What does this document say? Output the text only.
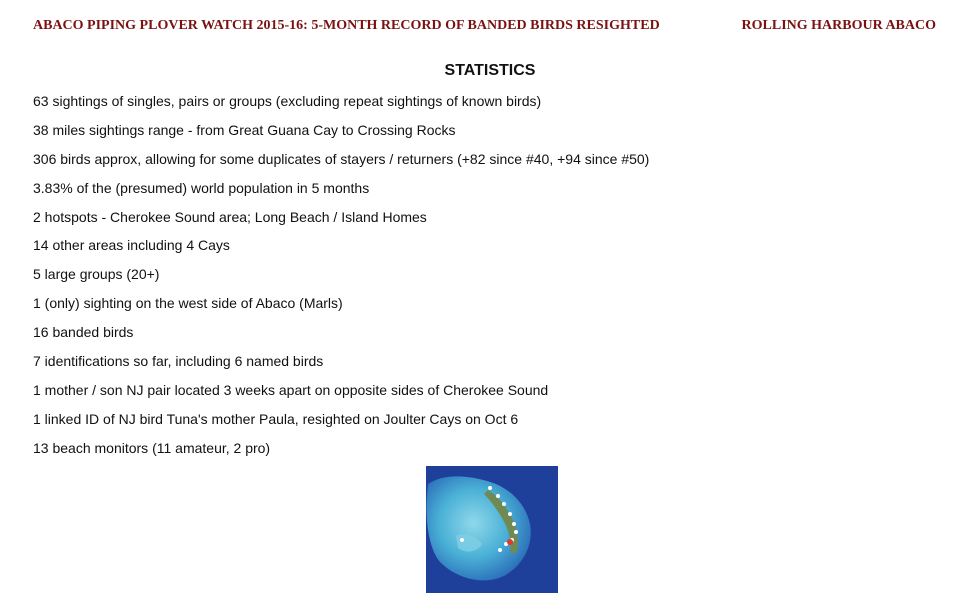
ABACO PIPING PLOVER WATCH 2015-16: 5-MONTH RECORD OF BANDED BIRDS RESIGHTED	ROLLING HARBOUR ABACO
STATISTICS
63 sightings of singles, pairs or groups (excluding repeat sightings of known birds)
38 miles sightings range - from Great Guana Cay to Crossing Rocks
306 birds approx, allowing for some duplicates of stayers / returners (+82 since #40, +94 since #50)
3.83% of the (presumed) world population in 5 months
2 hotspots - Cherokee Sound area; Long Beach / Island Homes
14 other areas including 4 Cays
5 large groups (20+)
1 (only) sighting on the west side of Abaco (Marls)
16 banded birds
7 identifications so far, including 6 named birds
1 mother / son NJ pair located 3 weeks apart on opposite sides of Cherokee Sound
1 linked ID of NJ bird Tuna's mother Paula, resighted on Joulter Cays on Oct 6
13 beach monitors (11 amateur, 2 pro)
